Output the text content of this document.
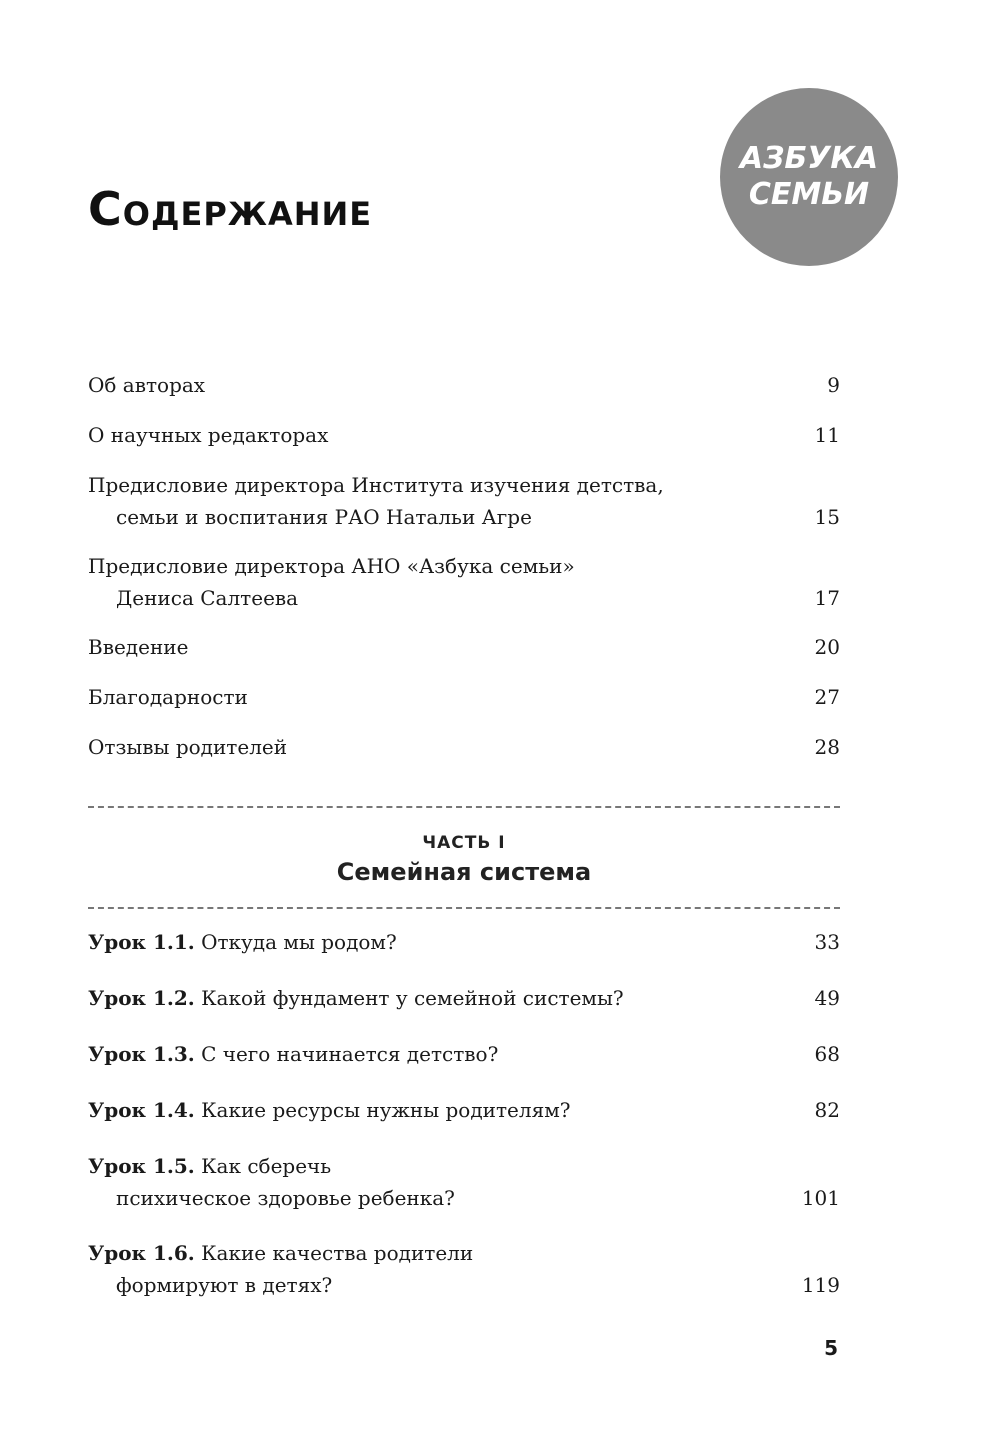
АЗБУКА
СЕМЬИ
Содержание
Об авторах	9
О научных редакторах	11
Предисловие директора Института изучения детства,
семьи и воспитания РАО Натальи Агре	15
Предисловие директора АНО «Азбука семьи»
Дениса Салтеева	17
Введение	20
Благодарности	27
Отзывы родителей	28
ЧАСТЬ I
Семейная система
Урок 1.1. Откуда мы родом?	33
Урок 1.2. Какой фундамент у семейной системы?	49
Урок 1.3. С чего начинается детство?	68
Урок 1.4. Какие ресурсы нужны родителям?	82
Урок 1.5. Как сберечь
психическое здоровье ребенка?	101
Урок 1.6. Какие качества родители
формируют в детях?	119
5
